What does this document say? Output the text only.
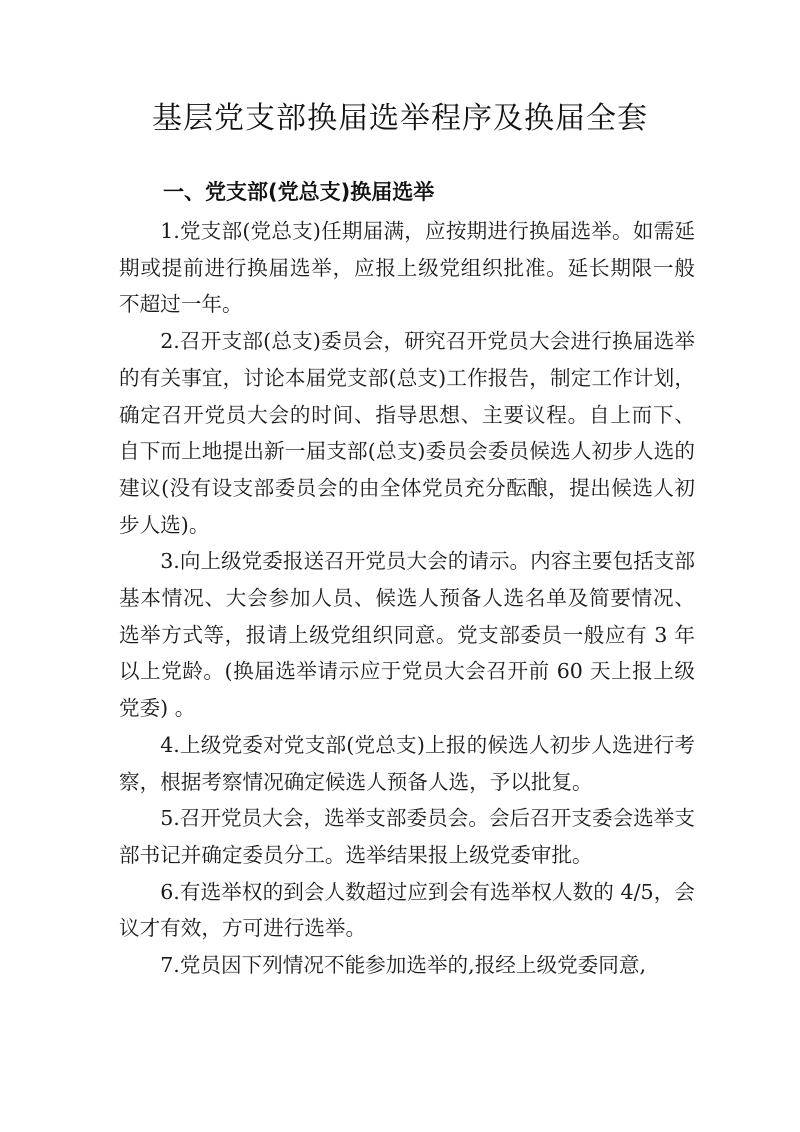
基层党支部换届选举程序及换届全套
一、党支部(党总支)换届选举

1.党支部(党总支)任期届满，应按期进行换届选举。如需延期或提前进行换届选举，应报上级党组织批准。延长期限一般不超过一年。

2.召开支部(总支)委员会，研究召开党员大会进行换届选举的有关事宜，讨论本届党支部(总支)工作报告，制定工作计划，确定召开党员大会的时间、指导思想、主要议程。自上而下、自下而上地提出新一届支部(总支)委员会委员候选人初步人选的建议(没有设支部委员会的由全体党员充分酝酿，提出候选人初步人选)。

3.向上级党委报送召开党员大会的请示。内容主要包括支部基本情况、大会参加人员、候选人预备人选名单及简要情况、选举方式等，报请上级党组织同意。党支部委员一般应有 3 年以上党龄。(换届选举请示应于党员大会召开前 60 天上报上级党委) 。

4.上级党委对党支部(党总支)上报的候选人初步人选进行考察，根据考察情况确定候选人预备人选，予以批复。

5.召开党员大会，选举支部委员会。会后召开支委会选举支部书记并确定委员分工。选举结果报上级党委审批。

6.有选举权的到会人数超过应到会有选举权人数的 4/5，会议才有效，方可进行选举。

7.党员因下列情况不能参加选举的,报经上级党委同意,
